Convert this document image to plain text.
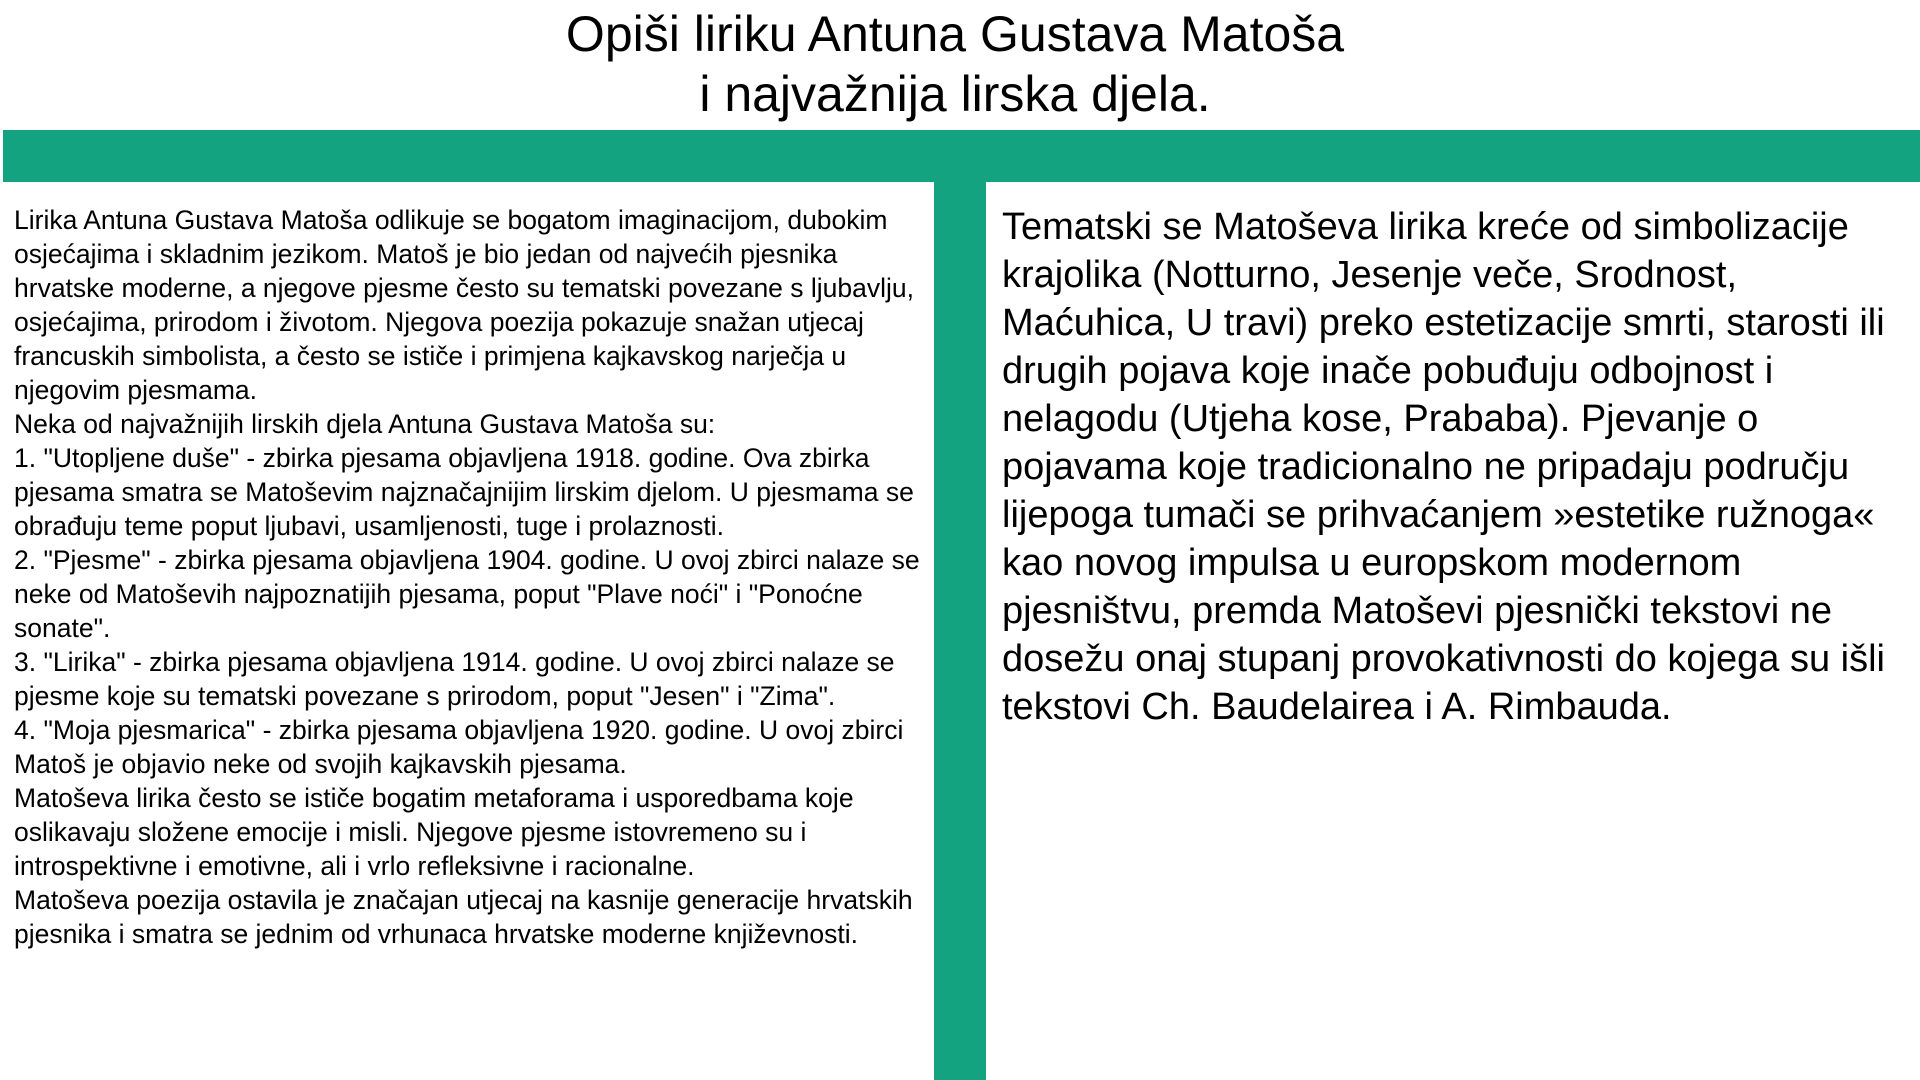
Opiši liriku Antuna Gustava Matoša
i najvažnija lirska djela.

Lirika Antuna Gustava Matoša odlikuje se bogatom imaginacijom, dubokim osjećajima i skladnim jezikom. Matoš je bio jedan od najvećih pjesnika hrvatske moderne, a njegove pjesme često su tematski povezane s ljubavlju, osjećajima, prirodom i životom. Njegova poezija pokazuje snažan utjecaj francuskih simbolista, a često se ističe i primjena kajkavskog narječja u njegovim pjesmama.

Neka od najvažnijih lirskih djela Antuna Gustava Matoša su:

1. "Utopljene duše" - zbirka pjesama objavljena 1918. godine. Ova zbirka pjesama smatra se Matoševim najznačajnijim lirskim djelom. U pjesmama se obrađuju teme poput ljubavi, usamljenosti, tuge i prolaznosti.

2. "Pjesme" - zbirka pjesama objavljena 1904. godine. U ovoj zbirci nalaze se neke od Matoševih najpoznatijih pjesama, poput "Plave noći" i "Ponoćne sonate".

3. "Lirika" - zbirka pjesama objavljena 1914. godine. U ovoj zbirci nalaze se pjesme koje su tematski povezane s prirodom, poput "Jesen" i "Zima".

4. "Moja pjesmarica" - zbirka pjesama objavljena 1920. godine. U ovoj zbirci Matoš je objavio neke od svojih kajkavskih pjesama.

Matoševa lirika često se ističe bogatim metaforama i usporedbama koje oslikavaju složene emocije i misli. Njegove pjesme istovremeno su i introspektivne i emotivne, ali i vrlo refleksivne i racionalne.

Matoševa poezija ostavila je značajan utjecaj na kasnije generacije hrvatskih pjesnika i smatra se jednim od vrhunaca hrvatske moderne književnosti.

Tematski se Matoševa lirika kreće od simbolizacije krajolika (Notturno, Jesenje veče, Srodnost, Maćuhica, U travi) preko estetizacije smrti, starosti ili drugih pojava koje inače pobuđuju odbojnost i nelagodu (Utjeha kose, Prababa). Pjevanje o pojavama koje tradicionalno ne pripadaju području lijepoga tumači se prihvaćanjem »estetike ružnoga« kao novog impulsa u europskom modernom pjesništvu, premda Matoševi pjesnički tekstovi ne dosežu onaj stupanj provokativnosti do kojega su išli tekstovi Ch. Baudelairea i A. Rimbauda.
